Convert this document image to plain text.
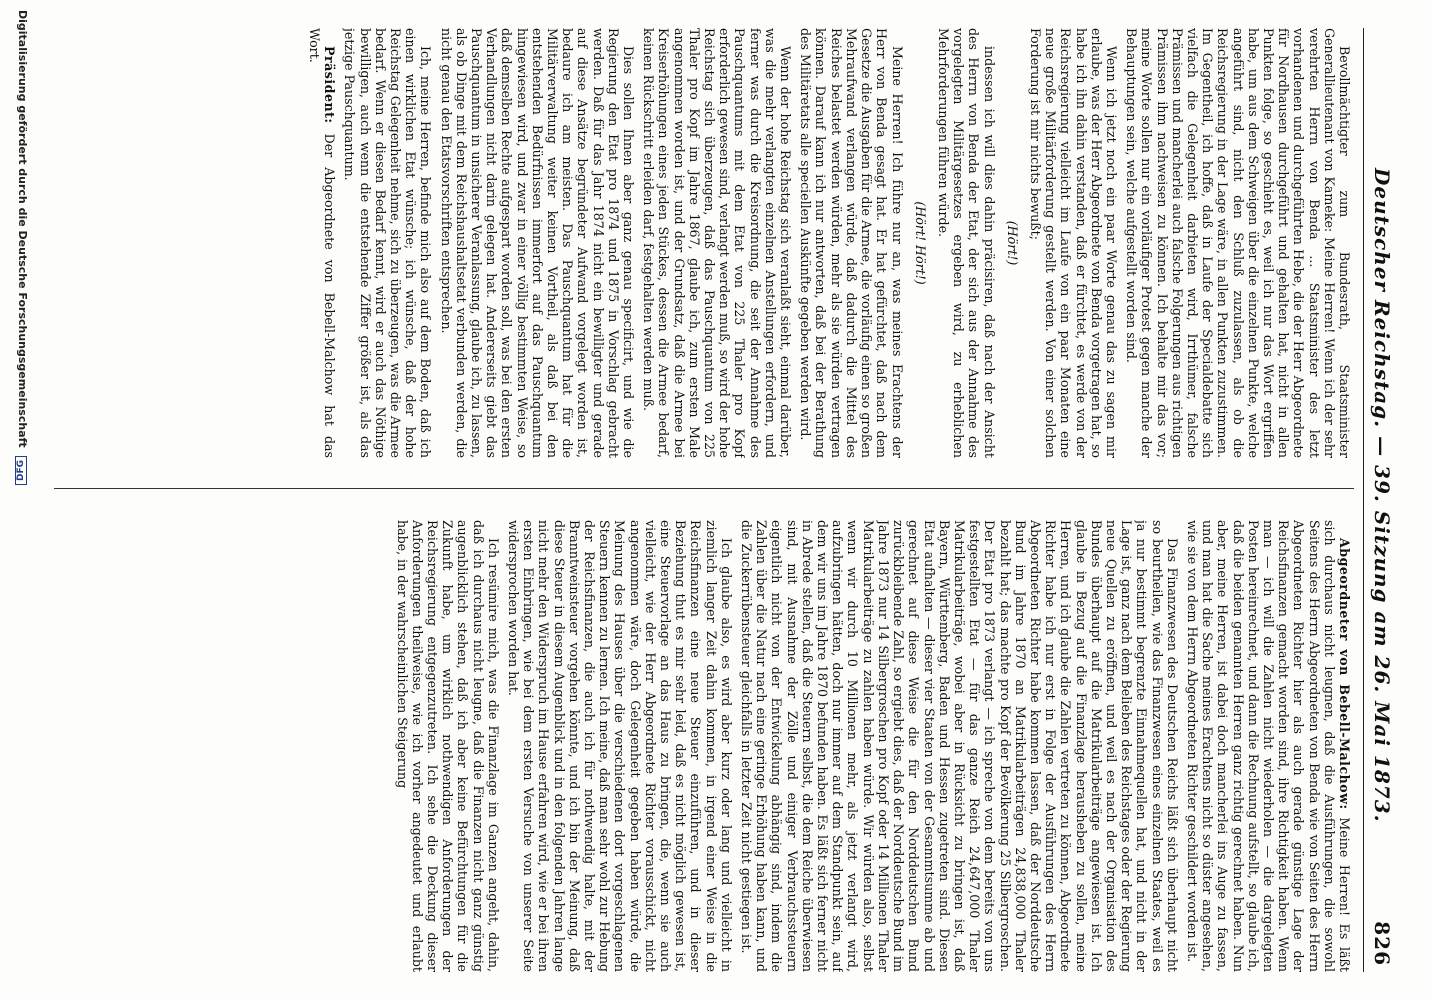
Deutscher Reichstag. — 39. Sitzung am 26. Mai 1873.
826

Bevollmächtigter zum Bundesrath, Staatsminister Generallieutenant von Kameke: Meine Herren! Wenn ich der sehr verehrten Herrn von Benda ... Staatsminister des letzt vorhandenen und durchgeführten Hebe, die der Herr Abgeordnete für Nordhausen durchgeführt und gehalten hat, nicht in allen Punkten folge, so geschieht es, weil ich nur das Wort ergriffen habe, um aus dem Schweigen über die einzelnen Punkte, welche angeführt sind, nicht den Schluß zuzulassen, als ob die Reichsregierung in der Lage wäre, in allen Punkten zuzustimmen. Im Gegentheil, ich hoffe, daß in Laufe der Specialdebatte sich vielfach die Gelegenheit darbieten wird, Irrthümer, falsche Prämissen und mancherlei auch falsche Folgerungen aus richtigen Prämissen ihm nachweisen zu können. Ich behalte mir das vor; meine Worte sollen nur ein vorläufiger Protest gegen manche der Behauptungen sein, welche aufgestellt worden sind.

Wenn ich jetzt noch ein paar Worte genau das zu sagen mir erlaube, was der Herr Abgeordnete von Benda vorgetragen hat, so habe ich ihn dahin verstanden, daß er fürchtet, es werde von der Reichsregierung vielleicht im Laufe von ein paar Monaten eine neue große Militärforderung gestellt werden. Von einer solchen Forderung ist mir nichts bewußt;

(Hört!)

indessen ich will dies dahin präcisiren, daß nach der Ansicht des Herrn von Benda der Etat, der sich aus der Annahme des vorgelegten Militärgesetzes ergeben wird, zu erheblichen Mehrforderungen führen würde.

(Hört! Hört!)

Meine Herren! Ich führe nur an, was meines Erachtens der Herr von Benda gesagt hat. Er hat gefürchtet, daß nach dem Gesetze die Ausgaben für die Armee, die vorläufig einen so großen Mehraufwand verlangen würde, daß dadurch die Mittel des Reiches belastet werden würden, mehr als sie würden vertragen können. Darauf kann ich nur antworten, daß bei der Berathung des Militäretats alle speciellen Auskünfte gegeben werden wird.

Wenn der hohe Reichstag sich veranlaßt sieht, einmal darüber, was die mehr verlangten einzelnen Anstellungen erfordern, und ferner was durch die Kreisordnung, die seit der Annahme des Pauschquantums mit dem Etat von 225 Thaler pro Kopf erforderlich gewesen sind, verlangt werden muß, so wird der hohe Reichstag sich überzeugen, daß das Pauschquantum von 225 Thaler pro Kopf im Jahre 1867, glaube ich, zum ersten Male angenommen worden ist, und der Grundsatz, daß die Armee bei Kreiserhöhungen eines jeden Stückes, dessen die Armee bedarf, keinen Rückschritt erleiden darf, festgehalten werden muß.

Dies sollen Ihnen aber ganz genau specificirt, und wie die Regierung den Etat pro 1874 und 1875 in Vorschlag gebracht werden. Daß für das Jahr 1874 nicht ein bewilligter und gerade auf diese Ansätze begründeter Aufwand vorgelegt worden ist, bedaure ich am meisten. Das Pauschquantum hat für die Militärverwaltung weiter keinen Vortheil, als daß bei den entstehenden Bedürfnissen immerfort auf das Pauschquantum hingewiesen wird, und zwar in einer völlig bestimmten Weise, so daß demselben Rechte aufgespart worden soll, was bei den ersten Verhandlungen nicht darin gelegen hat. Andererseits giebt das Pauschquantum in unsicherer Veranlassung, glaube ich, zu lassen, als ob Dinge mit dem Reichshaushaltsetat verbunden werden, die nicht genau den Etatsvorschriften entsprechen.

Ich, meine Herren, befinde mich also auf dem Boden, daß ich einen wirklichen Etat wünsche; ich wünsche, daß der hohe Reichstag Gelegenheit nehme, sich zu überzeugen, was die Armee bedarf. Wenn er diesen Bedarf kennt, wird er auch das Nöthige bewilligen, auch wenn die entstehende Ziffer größer ist, als das jetzige Pauschquantum.

Präsident: Der Abgeordnete von Bebell-Malchow hat das Wort.

Abgeordneter von Bebell-Malchow: Meine Herren! Es läßt sich durchaus nicht leugnen, daß die Ausführungen, die sowohl Seitens des Herrn Abgeordneten von Benda wie von Seiten des Herrn Abgeordneten Richter hier als auch gerade günstige Lage der Reichsfinanzen gemacht worden sind, ihre Richtigkeit haben. Wenn man — ich will die Zahlen nicht wiederholen — die dargelegten Posten hereinrechnet, und dann die Rechnung aufstellt, so glaube ich, daß die beiden genannten Herren ganz richtig gerechnet haben. Nun aber, meine Herren, ist dabei doch mancherlei ins Auge zu fassen, und man hat die Sache meines Erachtens nicht so düster angesehen, wie sie von dem Herrn Abgeordneten Richter geschildert worden ist.

Das Finanzwesen des Deutschen Reichs läßt sich überhaupt nicht so beurtheilen, wie das Finanzwesen eines einzelnen Staates, weil es ja nur bestimmt begrenzte Einnahmequellen hat, und nicht in der Lage ist, ganz nach dem Belieben des Reichstages oder der Regierung neue Quellen zu eröffnen, und weil es nach der Organisation des Bundes überhaupt auf die Matrikularbeiträge angewiesen ist. Ich glaube in Bezug auf die Finanzlage herausheben zu sollen, meine Herren, und ich glaube die Zahlen vertreten zu können, Abgeordnete Richter habe ich nur erst in Folge der Ausführungen des Herrn Abgeordneten Richter habe kommen lassen, daß der Norddeutsche Bund im Jahre 1870 an Matrikularbeiträgen 24,838,000 Thaler bezahlt hat; das machte pro Kopf der Bevölkerung 25 Silbergroschen. Der Etat pro 1873 verlangt — ich spreche von dem bereits von uns festgestellten Etat — für das ganze Reich 24,647,000 Thaler Matrikularbeiträge, wobei aber in Rücksicht zu bringen ist, daß Bayern, Württemberg, Baden und Hessen zugetreten sind. Diesen Etat aufhalten — dieser vier Staaten von der Gesammtsumme ab und gerechnet auf diese Weise die für den Norddeutschen Bund zurückbleibende Zahl, so ergiebt dies, daß der Norddeutsche Bund im Jahre 1873 nur 14 Silbergroschen pro Kopf oder 14 Millionen Thaler Matrikularbeiträge zu zahlen haben würde. Wir würden also, selbst wenn wir durch 10 Millionen mehr, als jetzt verlangt wird, aufzubringen hätten, doch nur immer auf dem Standpunkt sein, auf dem wir uns im Jahre 1870 befunden haben. Es läßt sich ferner nicht in Abrede stellen, daß die Steuern selbst, die dem Reiche überwiesen sind, mit Ausnahme der Zölle und einiger Verbrauchssteuern eigentlich nicht von der Entwickelung abhängig sind, indem die Zahlen über die Natur nach eine geringe Erhöhung haben kann, und die Zuckerrübensteuer gleichfalls in letzter Zeit nicht gestiegen ist.

Ich glaube also, es wird aber kurz oder lang und vielleicht in ziemlich langer Zeit dahin kommen, in irgend einer Weise in die Reichsfinanzen eine neue Steuer einzuführen, und in dieser Beziehung thut es mir sehr leid, daß es nicht möglich gewesen ist, eine Steuervorlage an das Haus zu bringen, die, wenn sie auch vielleicht, wie der Herr Abgeordnete Richter vorausschickt, nicht angenommen wäre, doch Gelegenheit gegeben haben würde, die Meinung des Hauses über die verschiedenen dort vorgeschlagenen Steuern kennen zu lernen. Ich meine, daß man sehr wohl zur Hebung der Reichsfinanzen, die auch ich für nothwendig halte, mit der Branntweinsteuer vorgehen könnte, und ich bin der Meinung, daß diese Steuer in diesem Augenblick und in den folgenden Jahren lange nicht mehr den Widerspruch im Hause erfahren wird, wie er bei ihren ersten Einbringen, wie bei dem ersten Versuche von unserer Seite widersprochen worden hat.

Ich resümire mich, was die Finanzlage im Ganzen angeht, dahin, daß ich durchaus nicht leugne, daß die Finanzen nicht ganz günstig augenblicklich stehen, daß ich aber keine Befürchtungen für die Zukunft habe, um wirklich nothwendigen Anforderungen der Reichsregierung entgegenzutreten. Ich sehe die Deckung dieser Anforderungen theilweise, wie ich vorher angedeutet und erlaubt habe, in der wahrscheinlichen Steigerung

Digitalisierung gefördert durch die Deutsche Forschungsgemeinschaft DFG
